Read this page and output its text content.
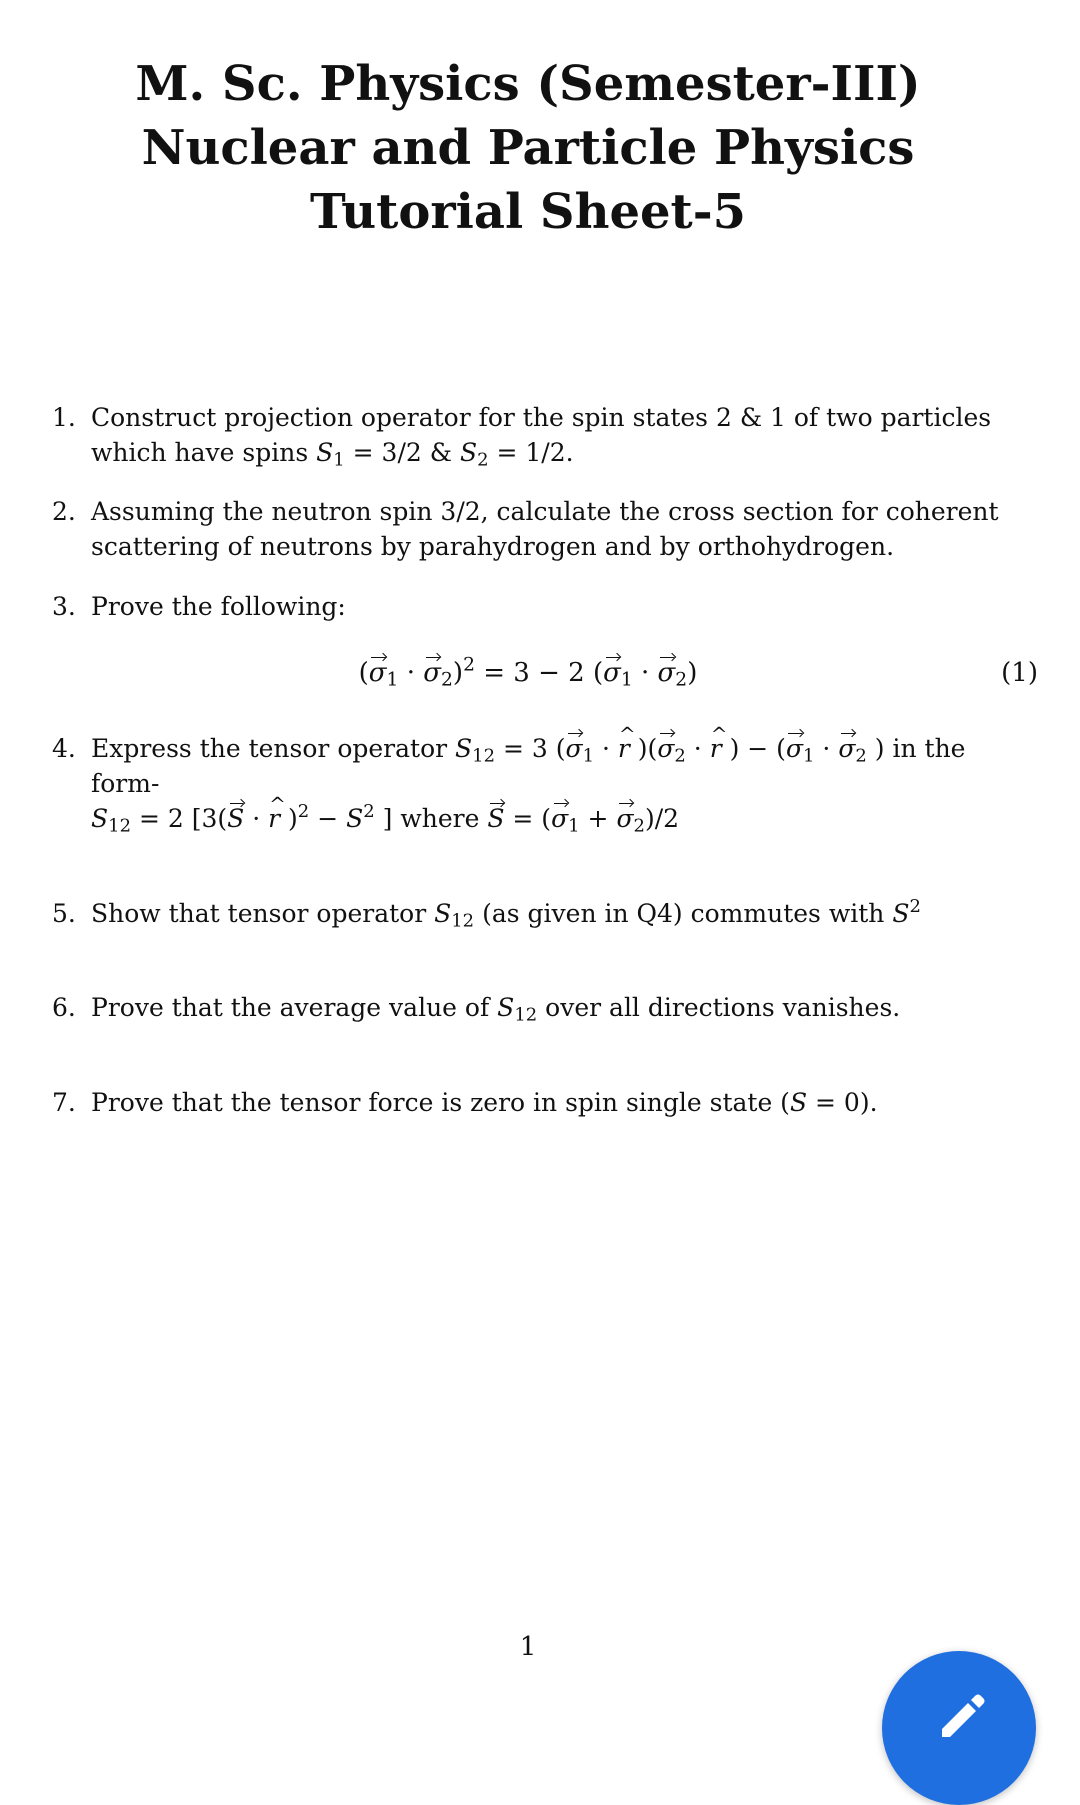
M. Sc. Physics (Semester-III)
Nuclear and Particle Physics
Tutorial Sheet-5
1. Construct projection operator for the spin states 2 & 1 of two particles which have spins $S_1 = 3/2$ & $S_2 = 1/2$.
2. Assuming the neutron spin 3/2, calculate the cross section for coherent scattering of neutrons by parahydrogen and by orthohydrogen.
3. Prove the following:
$(\sigma_1 \cdot \sigma_2)^2 = 3 - 2$ $(\sigma_1 \cdot \sigma_2)$	(1)
4. Express the tensor operator $S_{12} = 3$ ($\sigma_1 \cdot r$ ^ )($\sigma_2 \cdot r$ ^ ) − ($\sigma_1 \cdot \sigma_2$ ) in the form-
$S_{12} = 2$ [3(S · r ^ )$^2 - S^2$ ] where $S = (\sigma_1 + \sigma_2)/2$
5. Show that tensor operator $S_{12}$ (as given in Q4) commutes with $S^2$
6. Prove that the average value of $S_{12}$ over all directions vanishes.
7. Prove that the tensor force is zero in spin single state (S = 0).
1
